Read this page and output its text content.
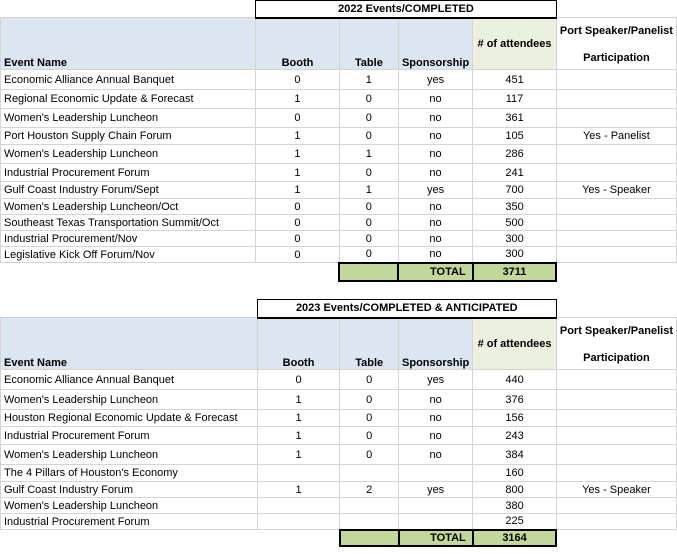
	2022 Events/COMPLETED				
Event Name	Booth	Table	Sponsorship	# of attendees	Port Speaker/Panelist
Participation

Economic Alliance Annual Banquet	0	1	yes	451	
Regional Economic Update & Forecast	1	0	no	117	
Women's Leadership Luncheon	0	0	no	361	
Port Houston Supply Chain Forum	1	0	no	105	Yes - Panelist
Women's Leadership Luncheon	1	1	no	286	
Industrial Procurement Forum	1	0	no	241	
Gulf Coast Industry Forum/Sept	1	1	yes	700	Yes - Speaker
Women's Leadership Luncheon/Oct	0	0	no	350	
Southeast Texas Transportation Summit/Oct	0	0	no	500	
Industrial Procurement/Nov	0	0	no	300	
Legislative Kick Off Forum/Nov	0	0	no	300	
			TOTAL	3711	
	2023 Events/COMPLETED & ANTICIPATED				
Event Name	Booth	Table	Sponsorship	# of attendees	Port Speaker/Panelist
Participation

Economic Alliance Annual Banquet	0	0	yes	440	
Women's Leadership Luncheon	1	0	no	376	
Houston Regional Economic Update & Forecast	1	0	no	156	
Industrial Procurement Forum	1	0	no	243	
Women's Leadership Luncheon	1	0	no	384	
The 4 Pillars of Houston's Economy				160	
Gulf Coast Industry Forum	1	2	yes	800	Yes - Speaker
Women's Leadership Luncheon				380	
Industrial Procurement Forum				225	
			TOTAL	3164	
